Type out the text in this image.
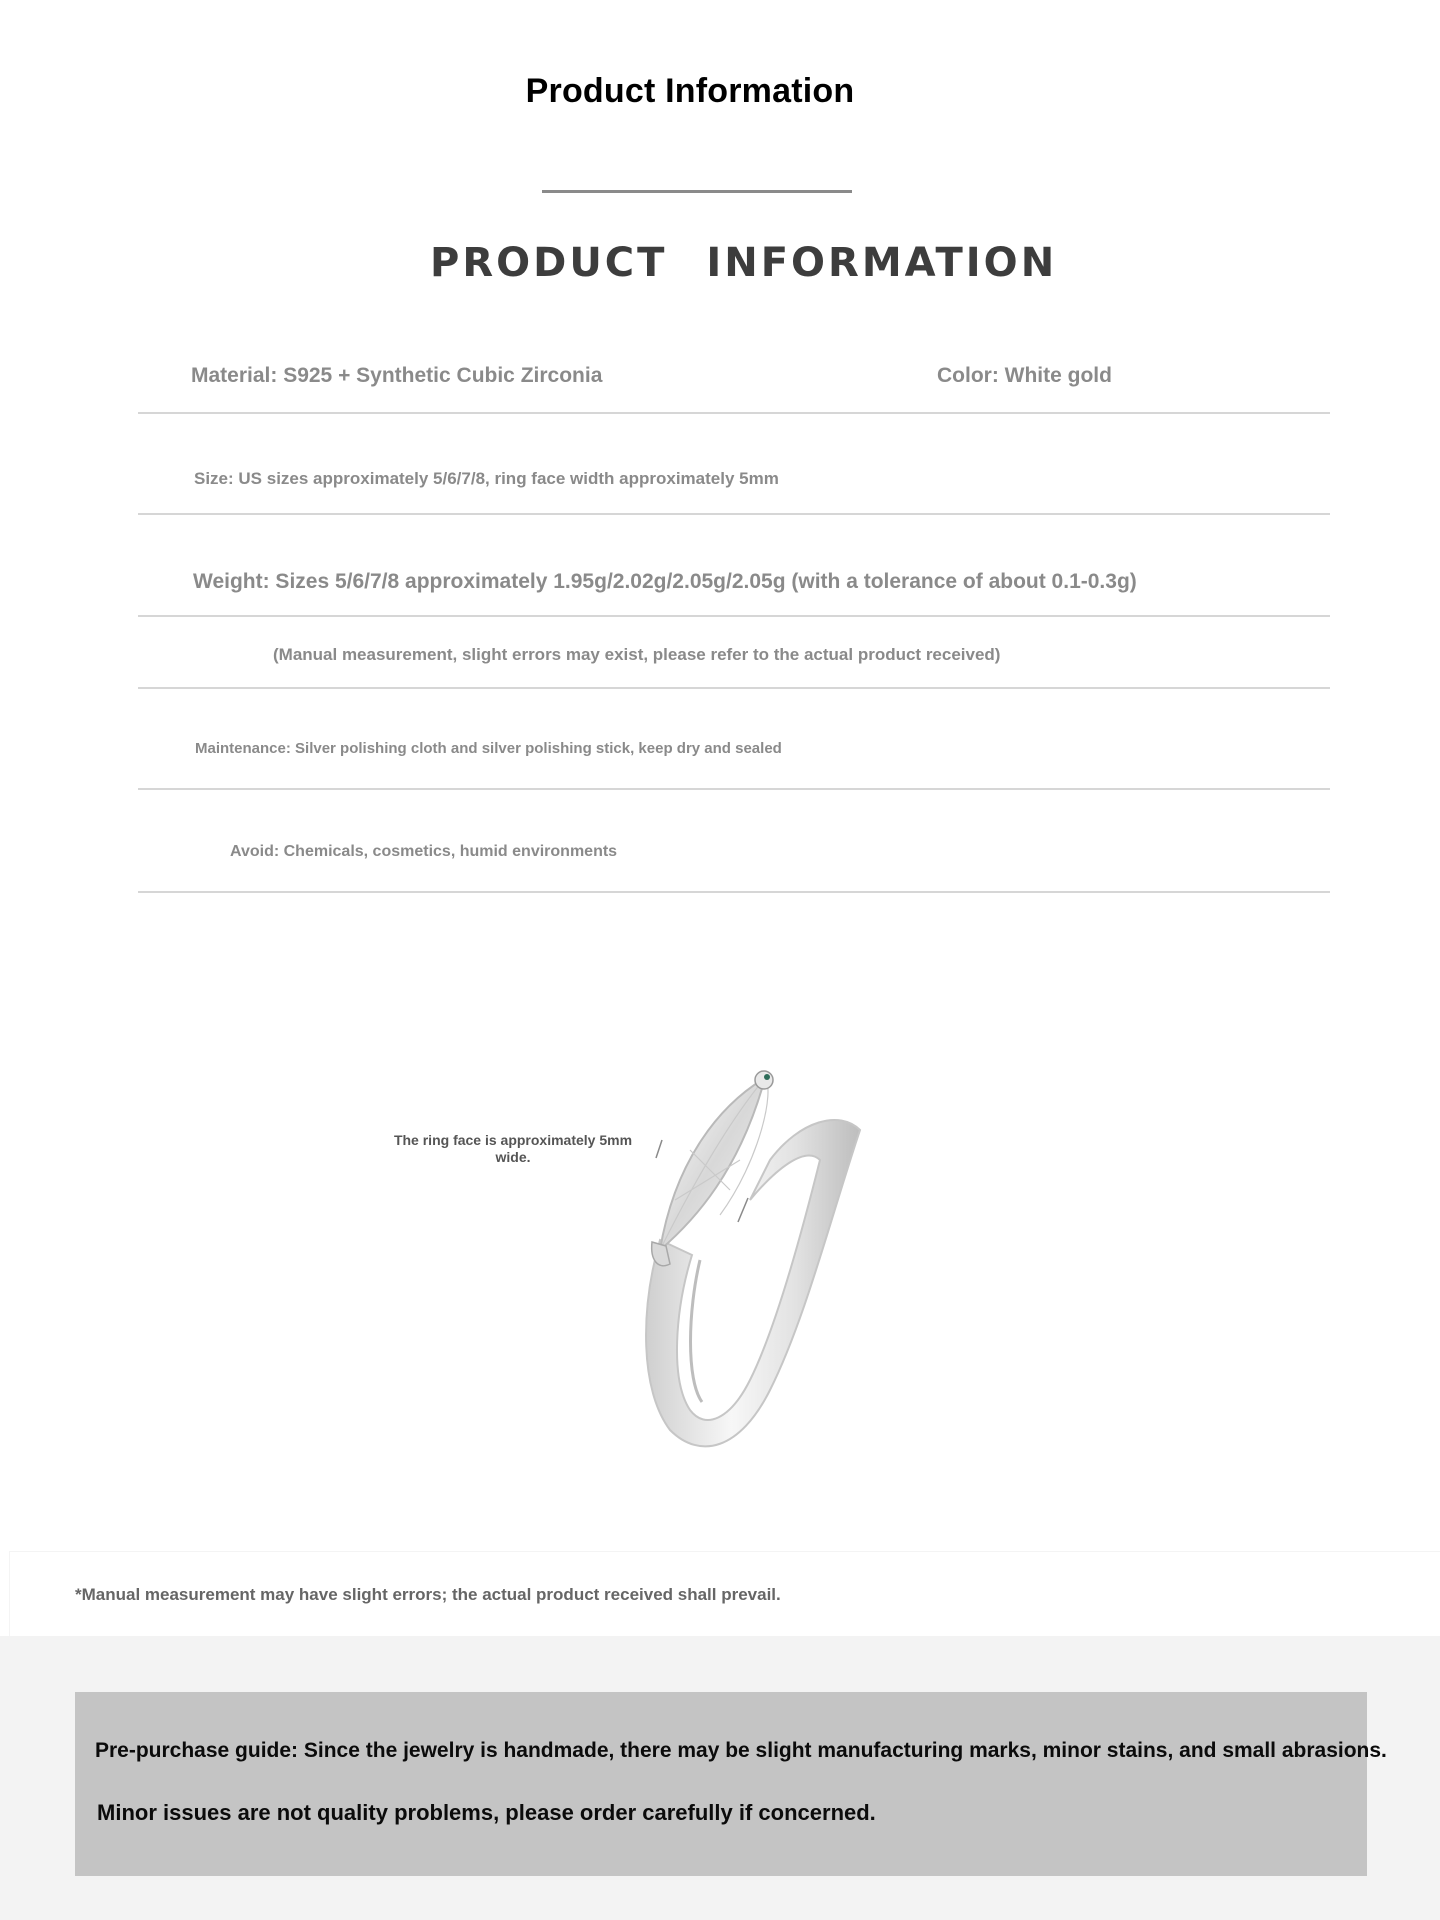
Product Information
PRODUCT INFORMATION
Material: S925 + Synthetic Cubic Zirconia	Color: White gold
Size: US sizes approximately 5/6/7/8, ring face width approximately 5mm
Weight: Sizes 5/6/7/8 approximately 1.95g/2.02g/2.05g/2.05g (with a tolerance of about 0.1-0.3g)
(Manual measurement, slight errors may exist, please refer to the actual product received)
Maintenance: Silver polishing cloth and silver polishing stick, keep dry and sealed
Avoid: Chemicals, cosmetics, humid environments
The ring face is approximately 5mm wide.
*Manual measurement may have slight errors; the actual product received shall prevail.
Pre-purchase guide: Since the jewelry is handmade, there may be slight manufacturing marks, minor stains, and small abrasions.
Minor issues are not quality problems, please order carefully if concerned.
